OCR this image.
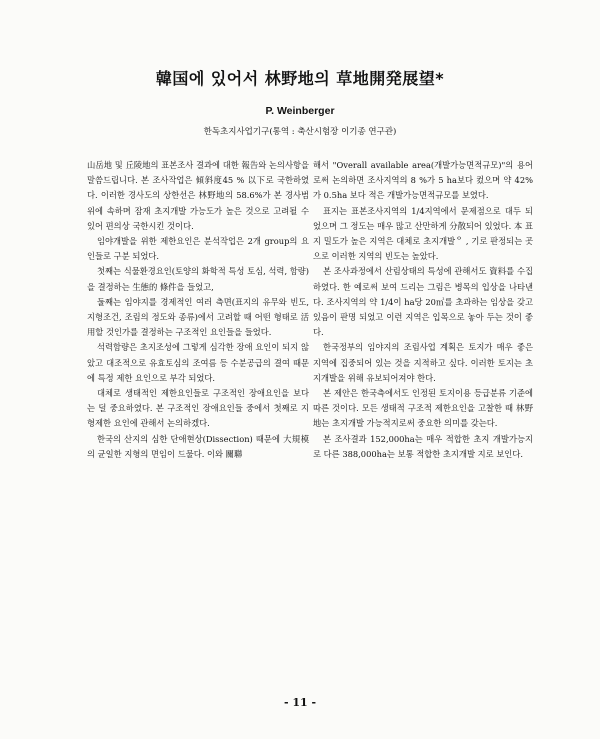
韓国에 있어서 林野地의 草地開発展望*
P. Weinberger
한독초지사업기구(통역 : 축산시험장 이기종 연구관)

山岳地 및 丘陵地의 표본조사 결과에 대한 報告와 논의사항을 말씀드립니다. 본 조사작업은 傾斜度45 % 以下로 국한하였다. 이러한 경사도의 상한선은 林野地의 58.6%가 본 경사범위에 속하며 잠재 초지개발 가능도가 높은 것으로 고려될 수 있어 편의상 국한시킨 것이다.

임야개발을 위한 제한요인은 분석작업은 2개 group의 요인들로 구분 되었다.

첫째는 식물환경요인(토양의 화학적 특성 토심, 석력, 함량)을 결정하는 生態的 條件을 들었고,

둘째는 임야지를 경제적인 여러 측면(표지의 유무와 빈도, 지형조건, 조림의 정도와 종류)에서 고려할 때 어떤 형태로 活用할 것인가를 결정하는 구조적인 요인들을 들었다.

석력함량은 초지조성에 그렇게 심각한 장애 요인이 되지 않았고 대조적으로 유효토심의 조여름 등 수분공급의 결여 때문에 특정 제한 요인으로 부각 되었다.

대체로 생태적인 제한요인들로 구조적인 장애요인을 보다는 덜 중요하였다. 본 구조적인 장애요인들 중에서 첫째로 지형제한 요인에 관해서 논의하겠다.

한국의 산지의 심한 단애현상(Dissection) 때문에 大規模의 균일한 지형의 면임이 드물다. 이와 關聯

해서 "Overall available area(개발가능면적규모)"의 용어로써 논의하면 조사지역의 8 %가 5 ha보다 컸으며 약 42%가 0.5ha 보다 적은 개발가능면적규모를 보였다.

표지는 표본조사지역의 1/4지역에서 문제점으로 대두 되었으며 그 정도는 매우 많고 산만하게 分散되어 있었다. 本 표지 밀도가 높은 지역은 대체로 초지개발ᄋ , 기로 판정되는 곳으로 이러한 지역의 빈도는 높았다.

본 조사과정에서 산림상태의 특성에 관해서도 資料를 수집하였다. 한 예로써 보여 드리는 그림은 병목의 입상을 나타낸다. 조사지역의 약 1/4이 ha당 20㎥를 초과하는 임상을 갖고 있음이 판명 되었고 이런 지역은 입목으로 놓아 두는 것이 좋다.

한국정부의 임야지의 조림사업 계획은 토지가 매우 좋은 지역에 집중되어 있는 것을 지적하고 싶다. 이러한 토지는 초지개발을 위해 유보되어져야 한다.

본 제안은 한국측에서도 인정된 토지이용 등급분류 기준에 따른 것이다. 모든 생태적 구조적 제한요인을 고찰한 때 林野地는 초지개발 가능적지로써 중요한 의미를 갖는다.

본 조사결과 152,000ha는 매우 적합한 초지 개발가능지로 다른 388,000ha는 보통 적합한 초지개발 지로 보인다.

- 11 -
